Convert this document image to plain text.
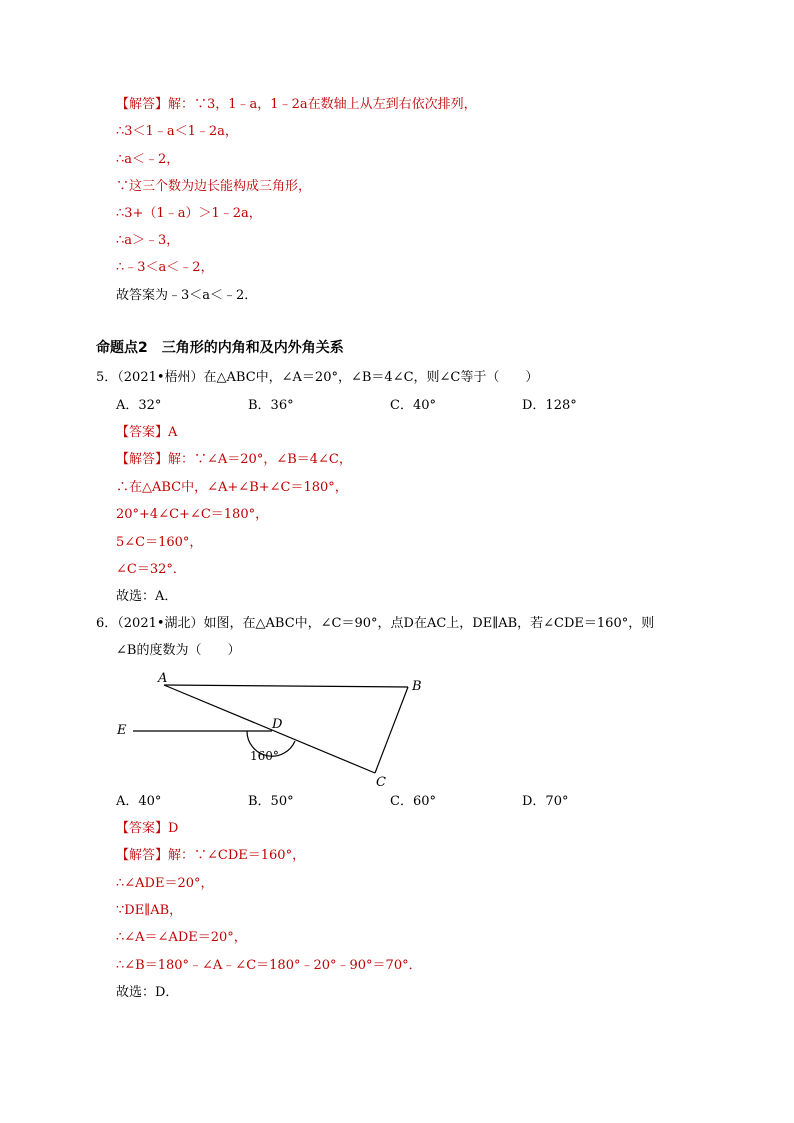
【解答】解：∵3，1﹣a，1﹣2a在数轴上从左到右依次排列，
∴3＜1﹣a＜1﹣2a，
∴a＜﹣2，
∵这三个数为边长能构成三角形，
∴3+（1﹣a）＞1﹣2a，
∴a＞﹣3，
∴﹣3＜a＜﹣2，
故答案为﹣3＜a＜﹣2．
命题点2　三角形的内角和及内外角关系
5．（2021•梧州）在△ABC中，∠A＝20°，∠B＝4∠C，则∠C等于（　　）
A．32°	B．36°	C．40°	D．128°
【答案】A
【解答】解：∵∠A＝20°，∠B＝4∠C，
∴在△ABC中，∠A+∠B+∠C＝180°，
20°+4∠C+∠C＝180°，
5∠C＝160°，
∠C＝32°．
故选：A．
6．（2021•湖北）如图，在△ABC中，∠C＝90°，点D在AC上，DE∥AB，若∠CDE＝160°，则
∠B的度数为（　　）
A
B
C
D
E
160°
A．40°	B．50°	C．60°	D．70°
【答案】D
【解答】解：∵∠CDE＝160°，
∴∠ADE＝20°，
∵DE∥AB，
∴∠A＝∠ADE＝20°，
∴∠B＝180°﹣∠A﹣∠C＝180°﹣20°﹣90°＝70°．
故选：D．
